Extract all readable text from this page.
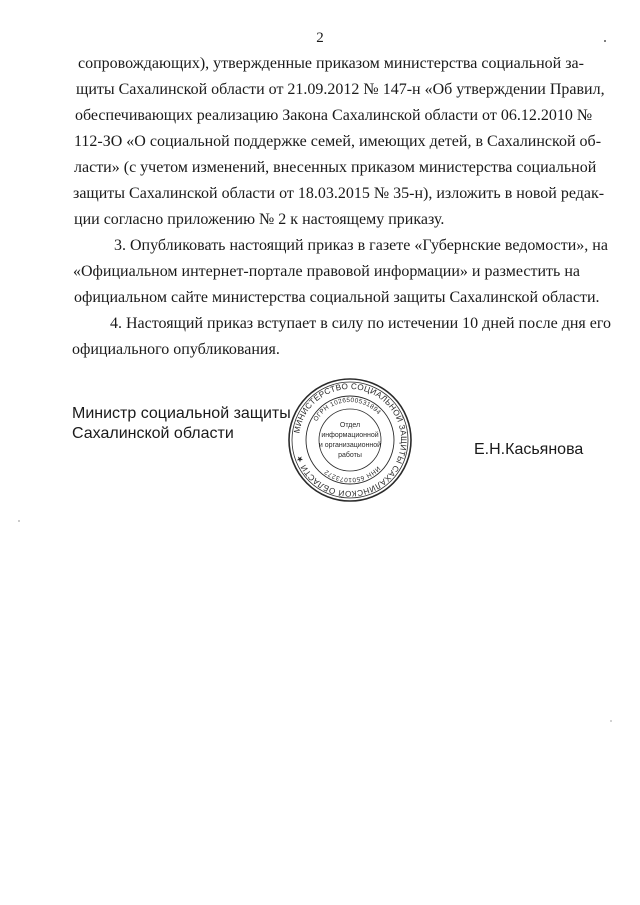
2
сопровождающих), утвержденные приказом министерства социальной за-
щиты Сахалинской области от 21.09.2012 № 147-н «Об утверждении Правил,
обеспечивающих реализацию Закона Сахалинской области от 06.12.2010 №
112-ЗО «О социальной поддержке семей, имеющих детей, в Сахалинской об-
ласти» (с учетом изменений, внесенных приказом министерства социальной
защиты Сахалинской области от 18.03.2015 № 35-н), изложить в новой редак-
ции согласно приложению № 2 к настоящему приказу.
3. Опубликовать настоящий приказ в газете «Губернские ведомости», на
«Официальном интернет-портале правовой информации» и разместить на
официальном сайте министерства социальной защиты Сахалинской области.
4. Настоящий приказ вступает в силу по истечении 10 дней после дня его
официального опубликования.
Министр социальной защиты
Сахалинской области
Е.Н.Касьянова
МИНИСТЕРСТВО СОЦИАЛЬНОЙ ЗАЩИТЫ САХАЛИНСКОЙ ОБЛАСТИ ★
ОГРН 1026500531894
ИНН 6501073272
Отдел
информационной
и организационной
работы
